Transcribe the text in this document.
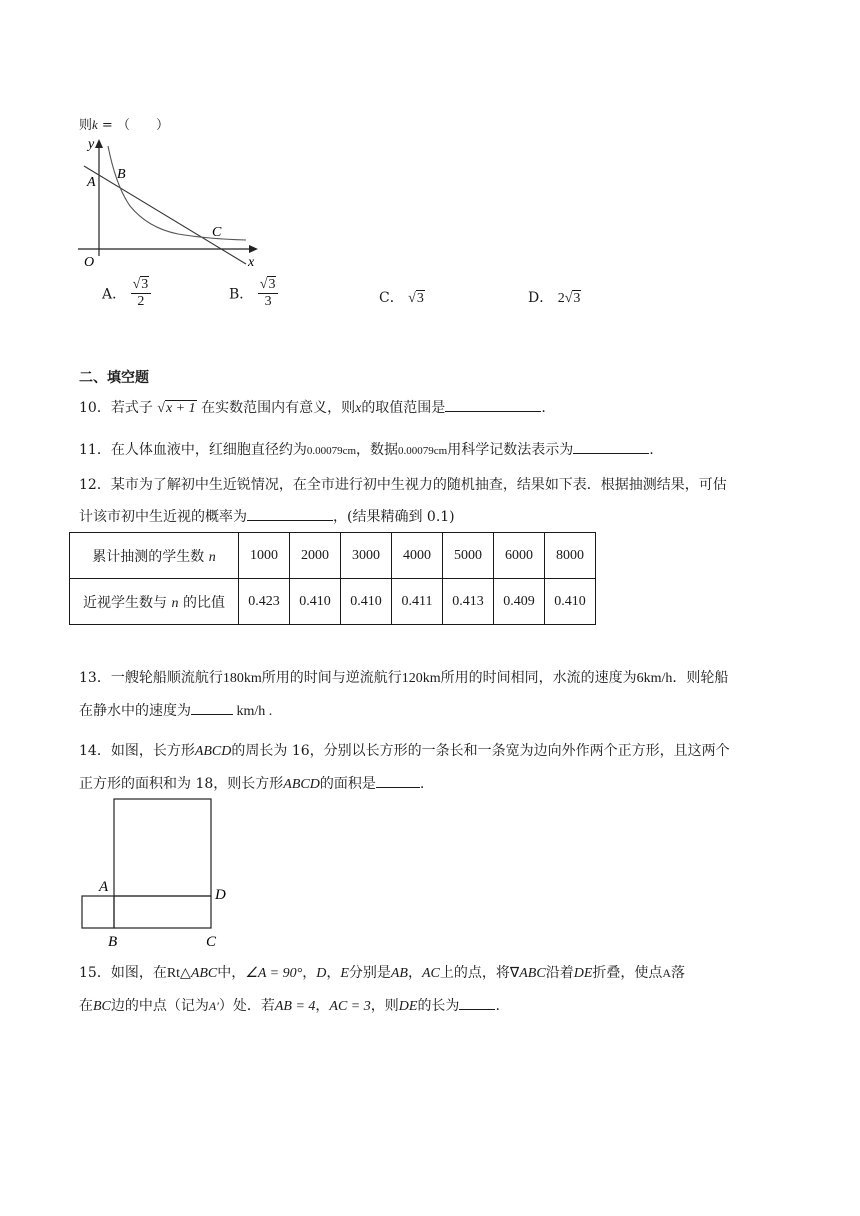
则k = （　　）
y
A
B
C
O	x
A． $\frac{√3}{2}$	B． $\frac{√3}{3}$	C． √3	D． 2√3
二、填空题
10．若式子 √x + 1 在实数范围内有意义，则x的取值范围是	.
11．在人体血液中，红细胞直径约为0.00079cm，数据0.00079cm用科学记数法表示为	.
12．某市为了解初中生近锐情况，在全市进行初中生视力的随机抽查，结果如下表．根据抽测结果，可估
计该市初中生近视的概率为	，(结果精确到 0.1)
累计抽测的学生数 n	1000	2000	3000	4000	5000	6000	8000
近视学生数与 n 的比值	0.423	0.410	0.410	0.411	0.413	0.409	0.410
13．一艘轮船顺流航行180km所用的时间与逆流航行120km所用的时间相同，水流的速度为6km/h．则轮船
在静水中的速度为	km/h .
14．如图，长方形ABCD的周长为 16，分别以长方形的一条长和一条宽为边向外作两个正方形，且这两个
正方形的面积和为 18，则长方形ABCD的面积是	.
A	D
B	C
15．如图，在Rt△ABC中，∠A = 90°，D，E分别是AB，AC上的点，将∇ABC沿着DE折叠，使点A落
在BC边的中点（记为A′）处．若AB = 4，AC = 3，则DE的长为	.
